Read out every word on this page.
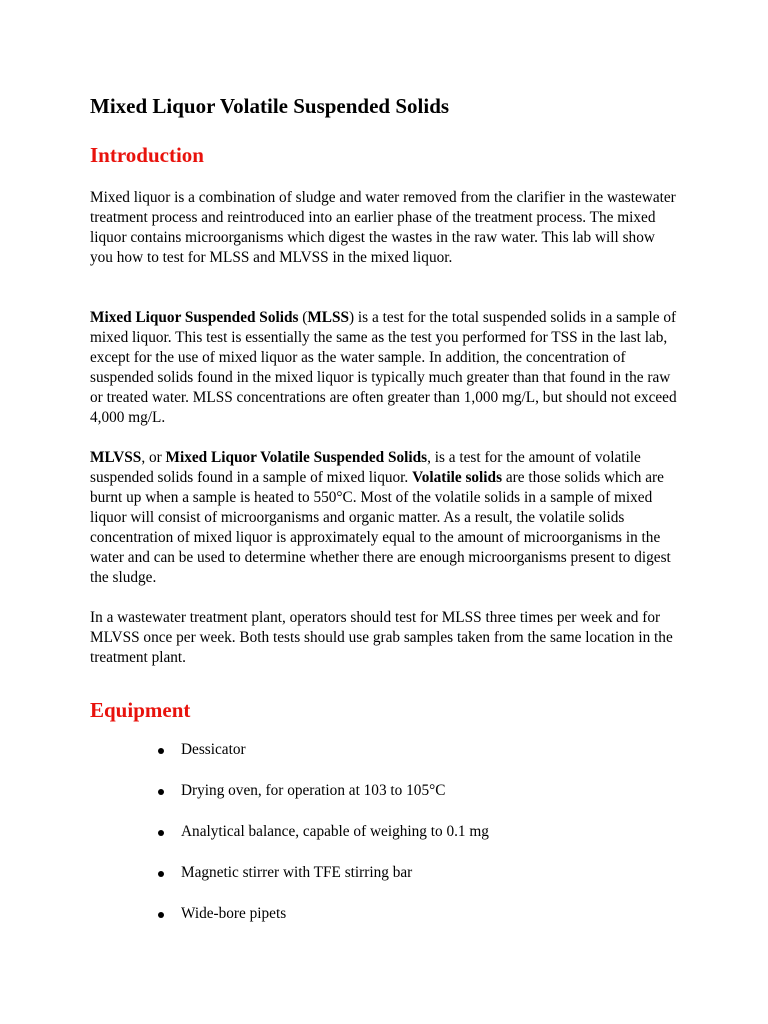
Mixed Liquor Volatile Suspended Solids
Introduction

Mixed liquor is a combination of sludge and water removed from the clarifier in the wastewater treatment process and reintroduced into an earlier phase of the treatment process. The mixed liquor contains microorganisms which digest the wastes in the raw water. This lab will show you how to test for MLSS and MLVSS in the mixed liquor.

Mixed Liquor Suspended Solids (MLSS) is a test for the total suspended solids in a sample of mixed liquor. This test is essentially the same as the test you performed for TSS in the last lab, except for the use of mixed liquor as the water sample. In addition, the concentration of suspended solids found in the mixed liquor is typically much greater than that found in the raw or treated water. MLSS concentrations are often greater than 1,000 mg/L, but should not exceed 4,000 mg/L.

MLVSS, or Mixed Liquor Volatile Suspended Solids, is a test for the amount of volatile suspended solids found in a sample of mixed liquor. Volatile solids are those solids which are burnt up when a sample is heated to 550°C. Most of the volatile solids in a sample of mixed liquor will consist of microorganisms and organic matter. As a result, the volatile solids concentration of mixed liquor is approximately equal to the amount of microorganisms in the water and can be used to determine whether there are enough microorganisms present to digest the sludge.

In a wastewater treatment plant, operators should test for MLSS three times per week and for MLVSS once per week. Both tests should use grab samples taken from the same location in the treatment plant.

Equipment
Dessicator
Drying oven, for operation at 103 to 105°C
Analytical balance, capable of weighing to 0.1 mg
Magnetic stirrer with TFE stirring bar
Wide-bore pipets
